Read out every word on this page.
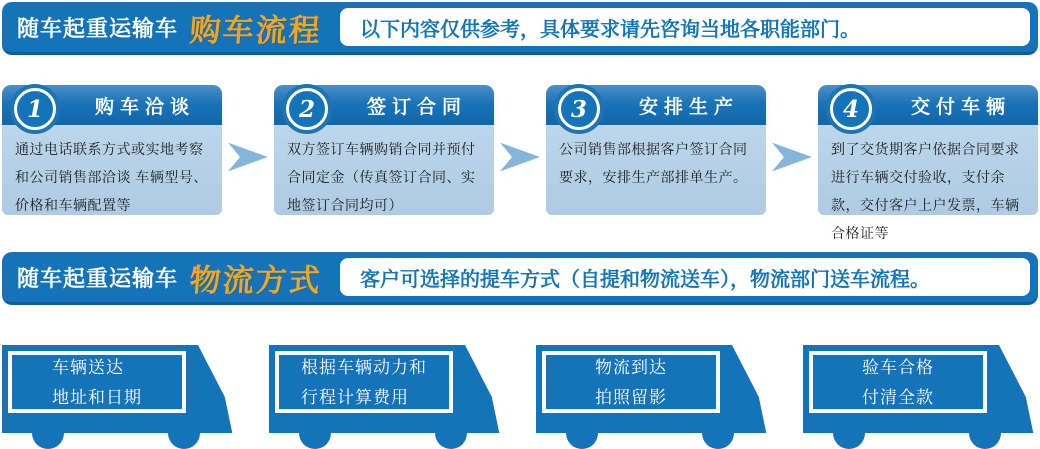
随车起重运输车 购车流程 以下内容仅供参考，具体要求请先咨询当地各职能部门。
1	购车洽谈
通过电话联系方式或实地考察和公司销售部洽谈 车辆型号、价格和车辆配置等
2	签订合同
双方签订车辆购销合同并预付合同定金（传真签订合同、实地签订合同均可）
3	安排生产
公司销售部根据客户签订合同要求，安排生产部排单生产。
4	交付车辆
到了交货期客户依据合同要求进行车辆交付验收，支付余款，交付客户上户发票，车辆合格证等
随车起重运输车 物流方式 客户可选择的提车方式（自提和物流送车），物流部门送车流程。
车辆送达
地址和日期
根据车辆动力和
行程计算费用
物流到达
拍照留影
验车合格
付清全款
